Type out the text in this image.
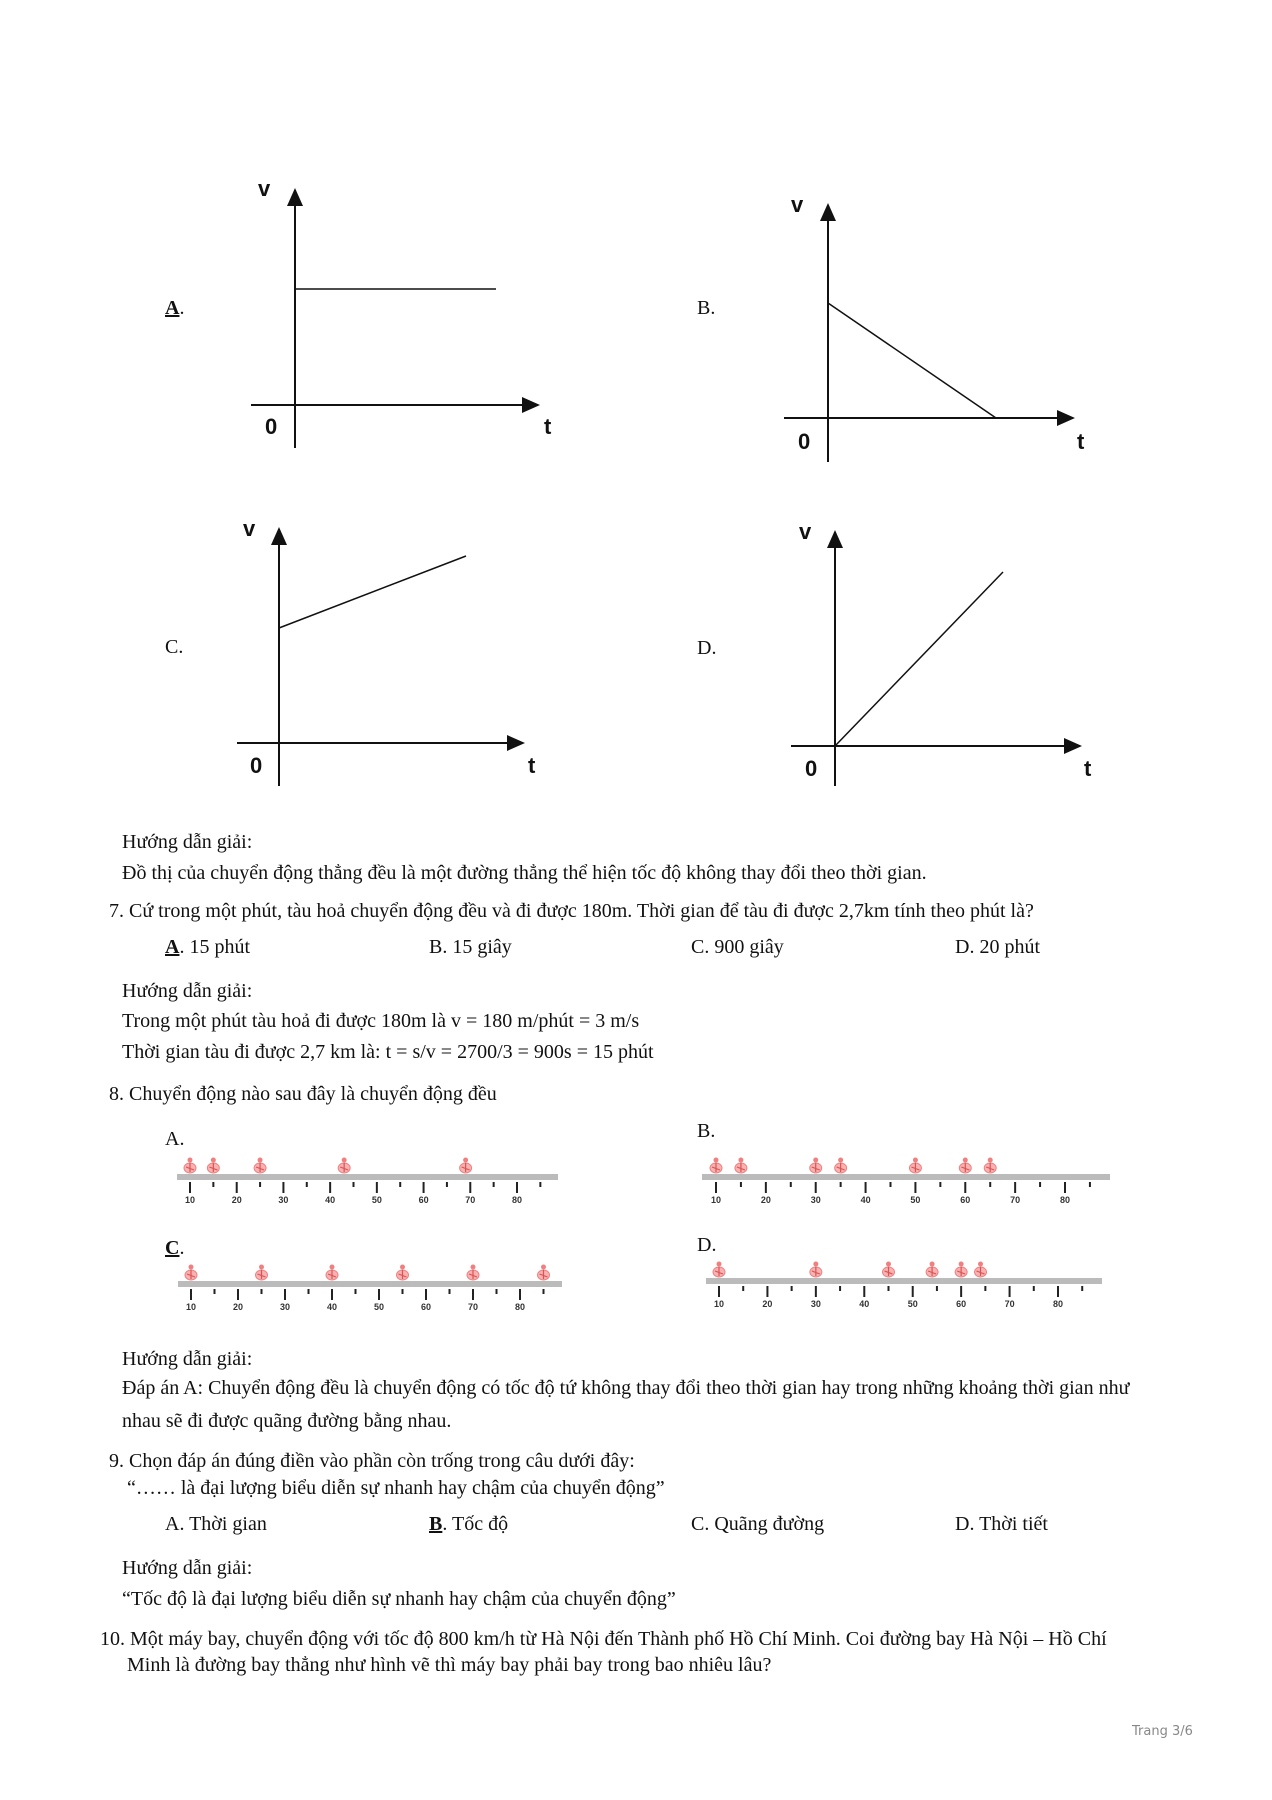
10	20	30	40	50	60	70	80	10	20	30	40	50	60	70	80
10	20	30	40	50	60	70	80	10	20	30	40	50	60	70	80
A.
v
0	t
B.
v
0	t
C.
v
0	t
D.
v
0	t
Hướng dẫn giải:
Đồ thị của chuyển động thẳng đều là một đường thẳng thể hiện tốc độ không thay đổi theo thời gian.
7. Cứ trong một phút, tàu hoả chuyển động đều và đi được 180m. Thời gian để tàu đi được 2,7km tính theo phút là?
A. 15 phút	B. 15 giây	C. 900 giây	D. 20 phút
Hướng dẫn giải:
Trong một phút tàu hoả đi được 180m là v = 180 m/phút = 3 m/s
Thời gian tàu đi được 2,7 km là: t = s/v = 2700/3 = 900s = 15 phút
8. Chuyển động nào sau đây là chuyển động đều
A.	B.
C.	D.
Hướng dẫn giải:
Đáp án A: Chuyển động đều là chuyển động có tốc độ tứ không thay đổi theo thời gian hay trong những khoảng thời gian như
nhau sẽ đi được quãng đường bằng nhau.
9. Chọn đáp án đúng điền vào phần còn trống trong câu dưới đây:
“…… là đại lượng biểu diễn sự nhanh hay chậm của chuyển động”
A. Thời gian	B. Tốc độ	C. Quãng đường	D. Thời tiết
Hướng dẫn giải:
“Tốc độ là đại lượng biểu diễn sự nhanh hay chậm của chuyển động”
10. Một máy bay, chuyển động với tốc độ 800 km/h từ Hà Nội đến Thành phố Hồ Chí Minh. Coi đường bay Hà Nội – Hồ Chí
Minh là đường bay thẳng như hình vẽ thì máy bay phải bay trong bao nhiêu lâu?
Trang 3/6
